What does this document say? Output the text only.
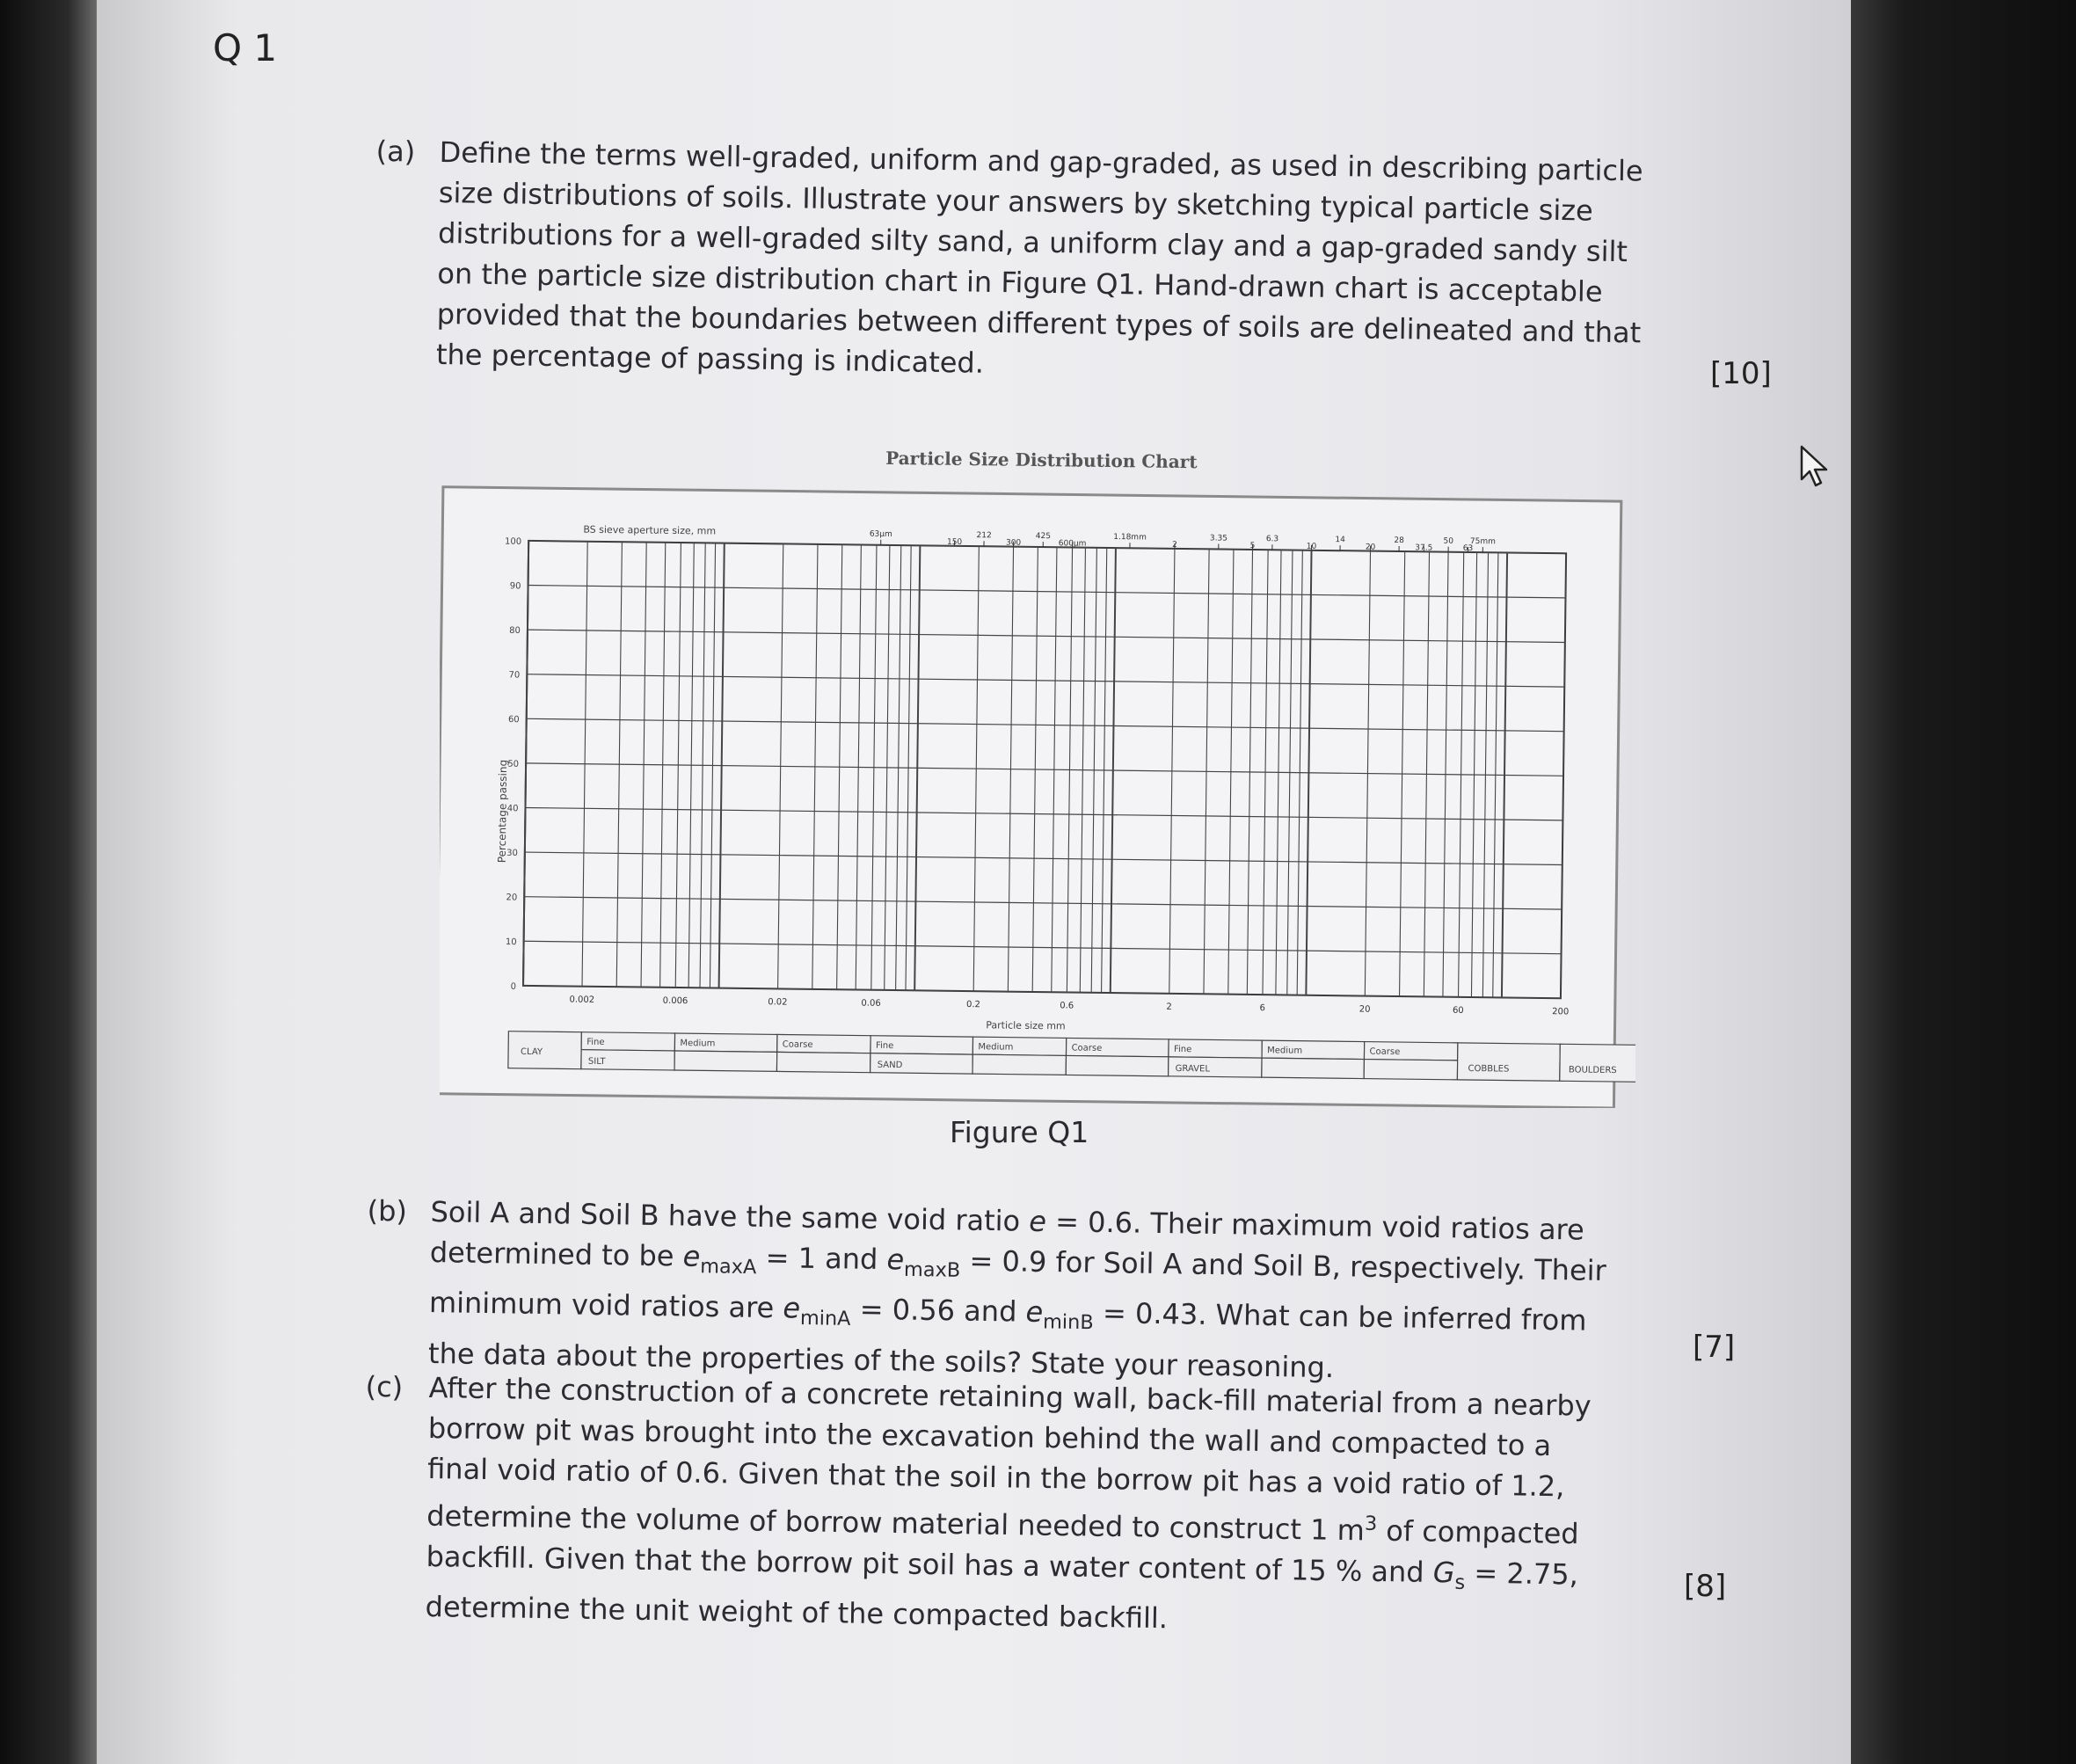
Q 1
(a) Define the terms well-graded, uniform and gap-graded, as used in describing particle size distributions of soils. Illustrate your answers by sketching typical particle size distributions for a well-graded silty sand, a uniform clay and a gap-graded sandy silt on the particle size distribution chart in Figure Q1. Hand-drawn chart is acceptable provided that the boundaries between different types of soils are delineated and that the percentage of passing is indicated.	[10]
Particle Size Distribution Chart
BS sieve aperture size, mm
0
10
20
30
40
50
60
70
80
90
100
0.002	0.006	0.02	0.06	0.2	0.6	2	6	20	60	200
63μm
150
212
300
425
600μm
1.18mm
2
3.35
5
6.3
10
14
20
28
37.5
50
63
75mm
Particle size mm
Percentage passing
Fine	Medium	Coarse	Fine	Medium	Coarse	Fine	Medium	Coarse
CLAY
SILT	SAND	GRAVEL	COBBLES	BOULDERS
Figure Q1
(b) Soil A and Soil B have the same void ratio e = 0.6. Their maximum void ratios are determined to be $e_{maxA} = 1$ and $e_{maxB} = 0.9$ for Soil A and Soil B, respectively. Their minimum void ratios are $e_{minA} = 0.56$ and $e_{minB} = 0.43$. What can be inferred from the data about the properties of the soils? State your reasoning.	[7]
(c) After the construction of a concrete retaining wall, back-fill material from a nearby borrow pit was brought into the excavation behind the wall and compacted to a final void ratio of 0.6. Given that the soil in the borrow pit has a void ratio of 1.2, determine the volume of borrow material needed to construct 1 $m^3$ of compacted backfill. Given that the borrow pit soil has a water content of 15 % and $G_s = 2.75$, determine the unit weight of the compacted backfill.
[8]
